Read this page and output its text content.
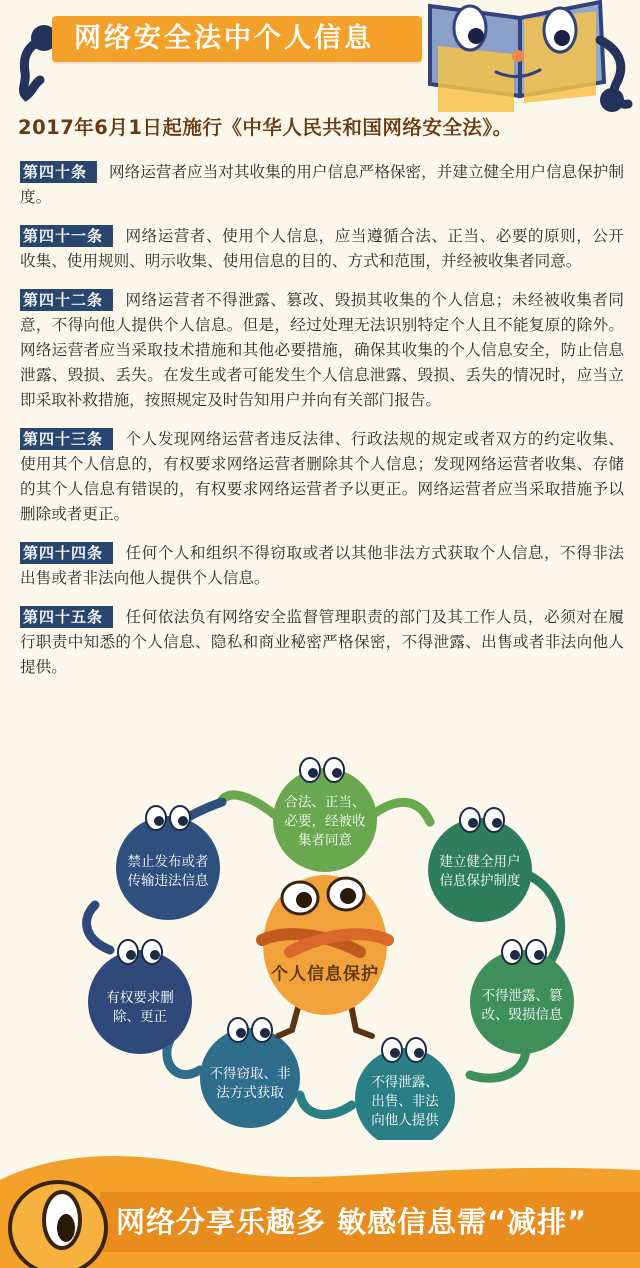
网络安全法中个人信息
2017年6月1日起施行《中华人民共和国网络安全法》。

第四十条 网络运营者应当对其收集的用户信息严格保密，并建立健全用户信息保护制度。

第四十一条 网络运营者、使用个人信息，应当遵循合法、正当、必要的原则，公开收集、使用规则、明示收集、使用信息的目的、方式和范围，并经被收集者同意。

第四十二条 网络运营者不得泄露、篡改、毁损其收集的个人信息；未经被收集者同意，不得向他人提供个人信息。但是，经过处理无法识别特定个人且不能复原的除外。网络运营者应当采取技术措施和其他必要措施，确保其收集的个人信息安全，防止信息泄露、毁损、丢失。在发生或者可能发生个人信息泄露、毁损、丢失的情况时，应当立即采取补救措施，按照规定及时告知用户并向有关部门报告。

第四十三条 个人发现网络运营者违反法律、行政法规的规定或者双方的约定收集、使用其个人信息的，有权要求网络运营者删除其个人信息；发现网络运营者收集、存储的其个人信息有错误的，有权要求网络运营者予以更正。网络运营者应当采取措施予以删除或者更正。

第四十四条 任何个人和组织不得窃取或者以其他非法方式获取个人信息，不得非法出售或者非法向他人提供个人信息。

第四十五条 任何依法负有网络安全监督管理职责的部门及其工作人员，必须对在履行职责中知悉的个人信息、隐私和商业秘密严格保密，不得泄露、出售或者非法向他人提供。

合法、正当、
必要，经被收
集者同意
建立健全用户
信息保护制度
不得泄露、篡
改、毁损信息
不得泄露、
出售、非法
向他人提供
不得窃取、非
法方式获取
有权要求删
除、更正
禁止发布或者
传输违法信息
个人信息保护
网络分享乐趣多 敏感信息需“减排”
